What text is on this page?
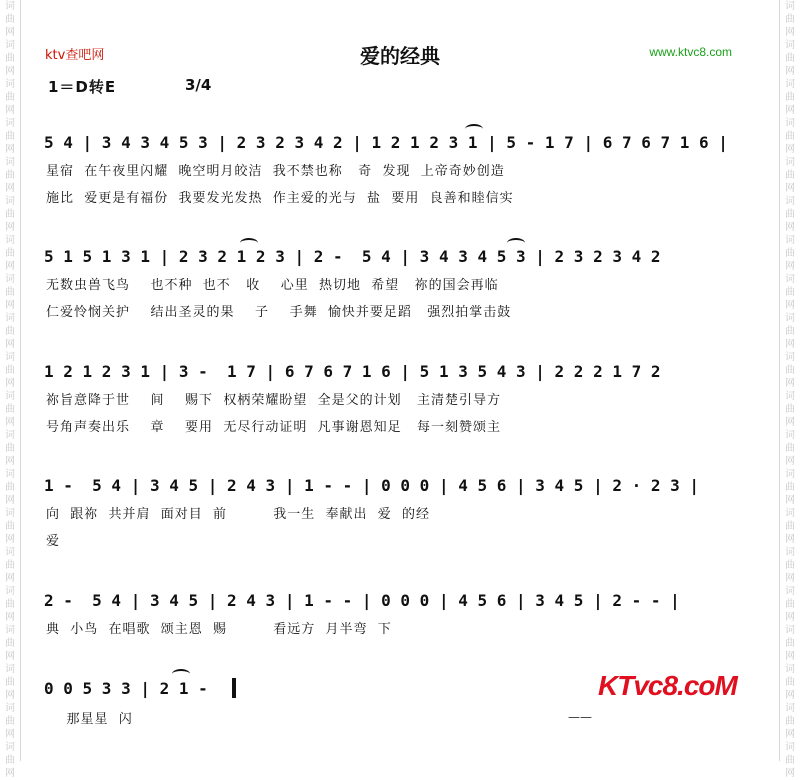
词曲网词曲网词曲网词曲网词曲网词曲网词曲网词曲网词曲网词曲网词曲网词曲网词曲网词曲网词曲网词曲网词曲网词曲网词曲网词曲网
词曲网词曲网词曲网词曲网词曲网词曲网词曲网词曲网词曲网词曲网词曲网词曲网词曲网词曲网词曲网词曲网词曲网词曲网词曲网词曲网
ktv查吧网	爱的经典	www.ktvc8.com
1＝D转E	3/4
5 4 | 3 4 3 4 5 3 | 2 3 2 3 4 2 | 1 2 1 2 3 1 | 5 - 1 7 | 6 7 6 7 1 6 |
星宿  在午夜里闪耀  晚空明月皎洁  我不禁也称   奇  发现  上帝奇妙创造
施比  爱更是有福份  我要发光发热  作主爱的光与  盐  要用  良善和睦信实
5 1 5 1 3 1 | 2 3 2 1 2 3 | 2 -  5 4 | 3 4 3 4 5 3 | 2 3 2 3 4 2
无数虫兽飞鸟    也不种  也不   收    心里  热切地  希望   祢的国会再临
仁爱怜悯关护    结出圣灵的果    子    手舞  愉快并要足蹈   强烈拍掌击鼓
1 2 1 2 3 1 | 3 -  1 7 | 6 7 6 7 1 6 | 5 1 3 5 4 3 | 2 2 2 1 7 2
祢旨意降于世    间    赐下  权柄荣耀盼望  全是父的计划   主清楚引导方
号角声奏出乐    章    要用  无尽行动证明  凡事谢恩知足   每一刻赞颂主
1 -  5 4 | 3 4 5 | 2 4 3 | 1 - - | 0 0 0 | 4 5 6 | 3 4 5 | 2 · 2 3 |
向  跟祢  共并肩  面对目  前         我一生  奉献出  爱  的经
爱
2 -  5 4 | 3 4 5 | 2 4 3 | 1 - - | 0 0 0 | 4 5 6 | 3 4 5 | 2 - - |
典  小鸟  在唱歌  颂主恩  赐         看远方  月半弯  下
0 0 5 3 3 | 2 1 -
那星星  闪
KTvc8.coM
——
